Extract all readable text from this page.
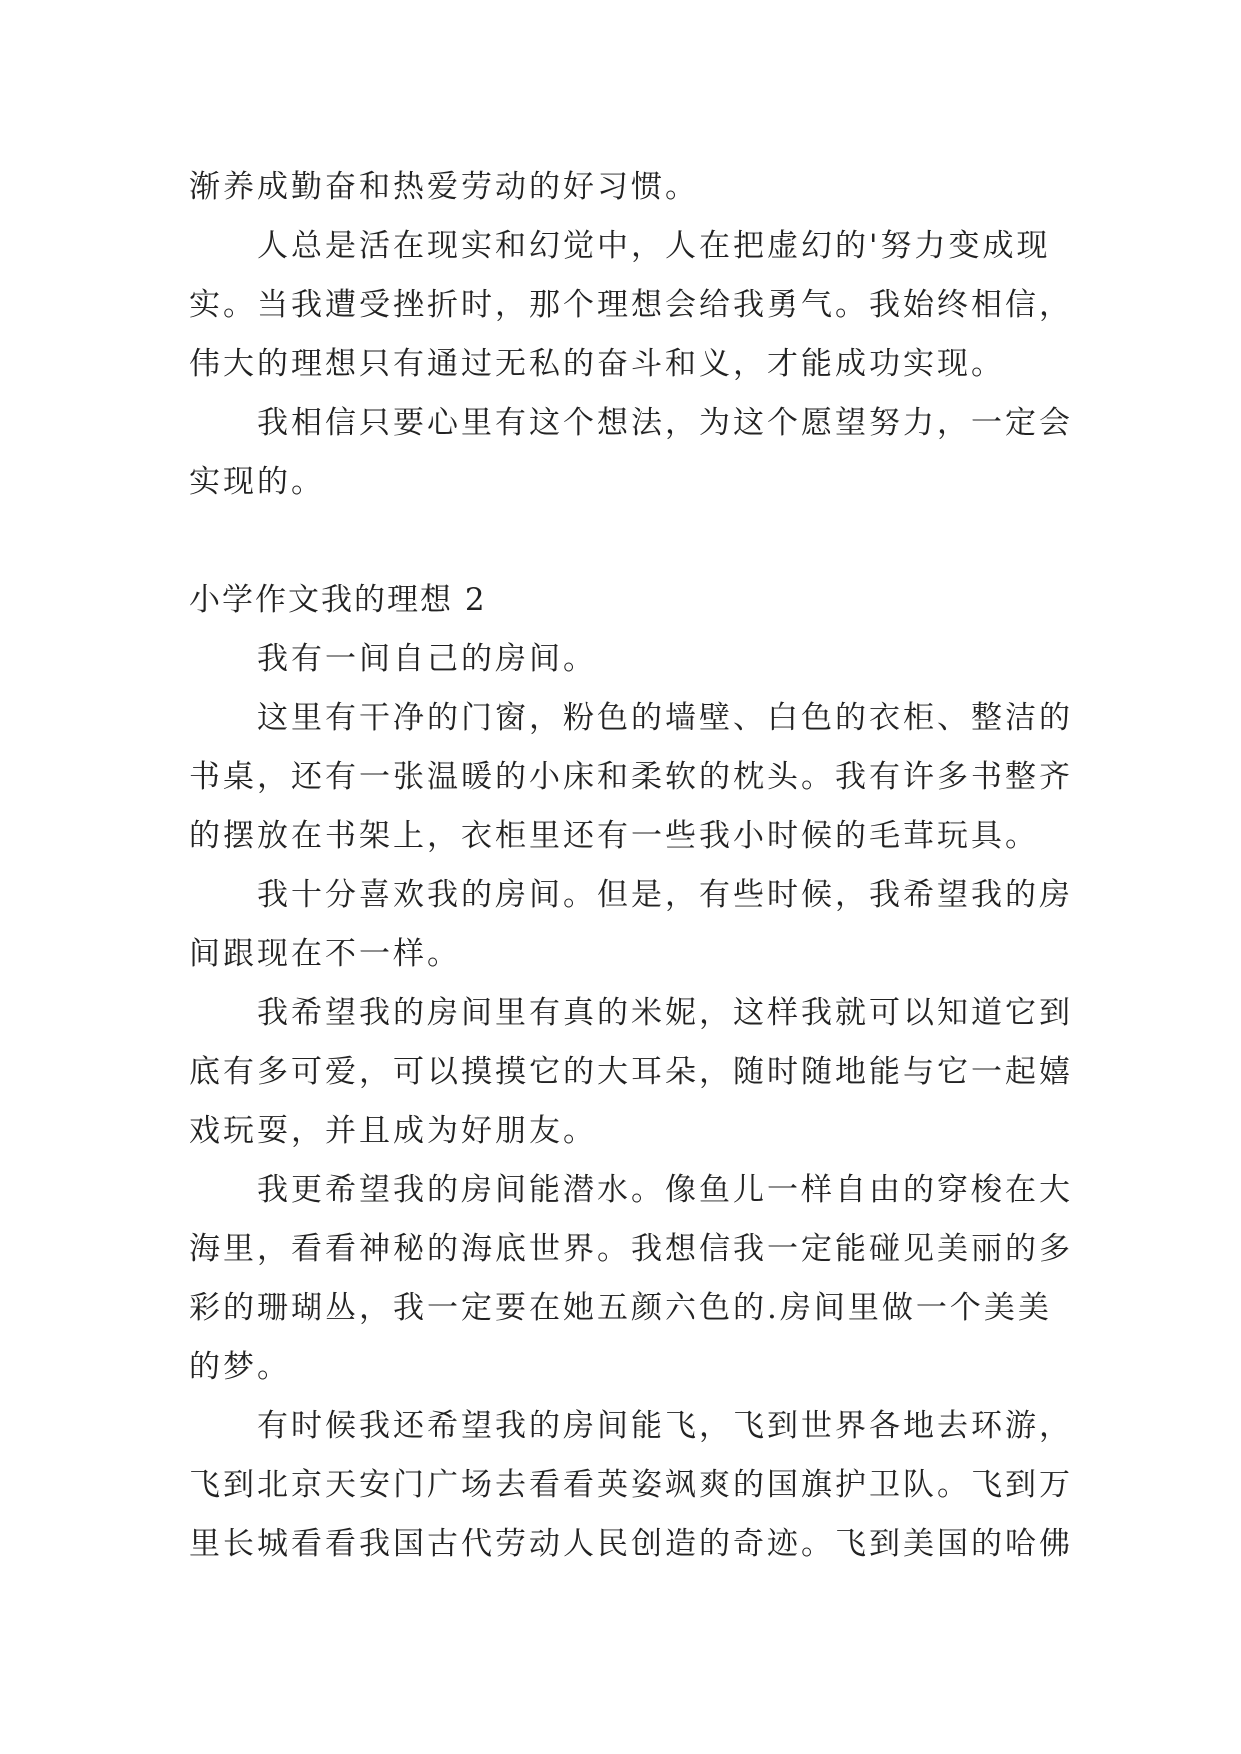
渐养成勤奋和热爱劳动的好习惯。
人总是活在现实和幻觉中，人在把虚幻的'努力变成现
实。当我遭受挫折时，那个理想会给我勇气。我始终相信，
伟大的理想只有通过无私的奋斗和义，才能成功实现。
我相信只要心里有这个想法，为这个愿望努力，一定会
实现的。
小学作文我的理想 2
我有一间自己的房间。
这里有干净的门窗，粉色的墙壁、白色的衣柜、整洁的
书桌，还有一张温暖的小床和柔软的枕头。我有许多书整齐
的摆放在书架上，衣柜里还有一些我小时候的毛茸玩具。
我十分喜欢我的房间。但是，有些时候，我希望我的房
间跟现在不一样。
我希望我的房间里有真的米妮，这样我就可以知道它到
底有多可爱，可以摸摸它的大耳朵，随时随地能与它一起嬉
戏玩耍，并且成为好朋友。
我更希望我的房间能潜水。像鱼儿一样自由的穿梭在大
海里，看看神秘的海底世界。我想信我一定能碰见美丽的多
彩的珊瑚丛，我一定要在她五颜六色的.房间里做一个美美
的梦。
有时候我还希望我的房间能飞，飞到世界各地去环游，
飞到北京天安门广场去看看英姿飒爽的国旗护卫队。飞到万
里长城看看我国古代劳动人民创造的奇迹。飞到美国的哈佛
